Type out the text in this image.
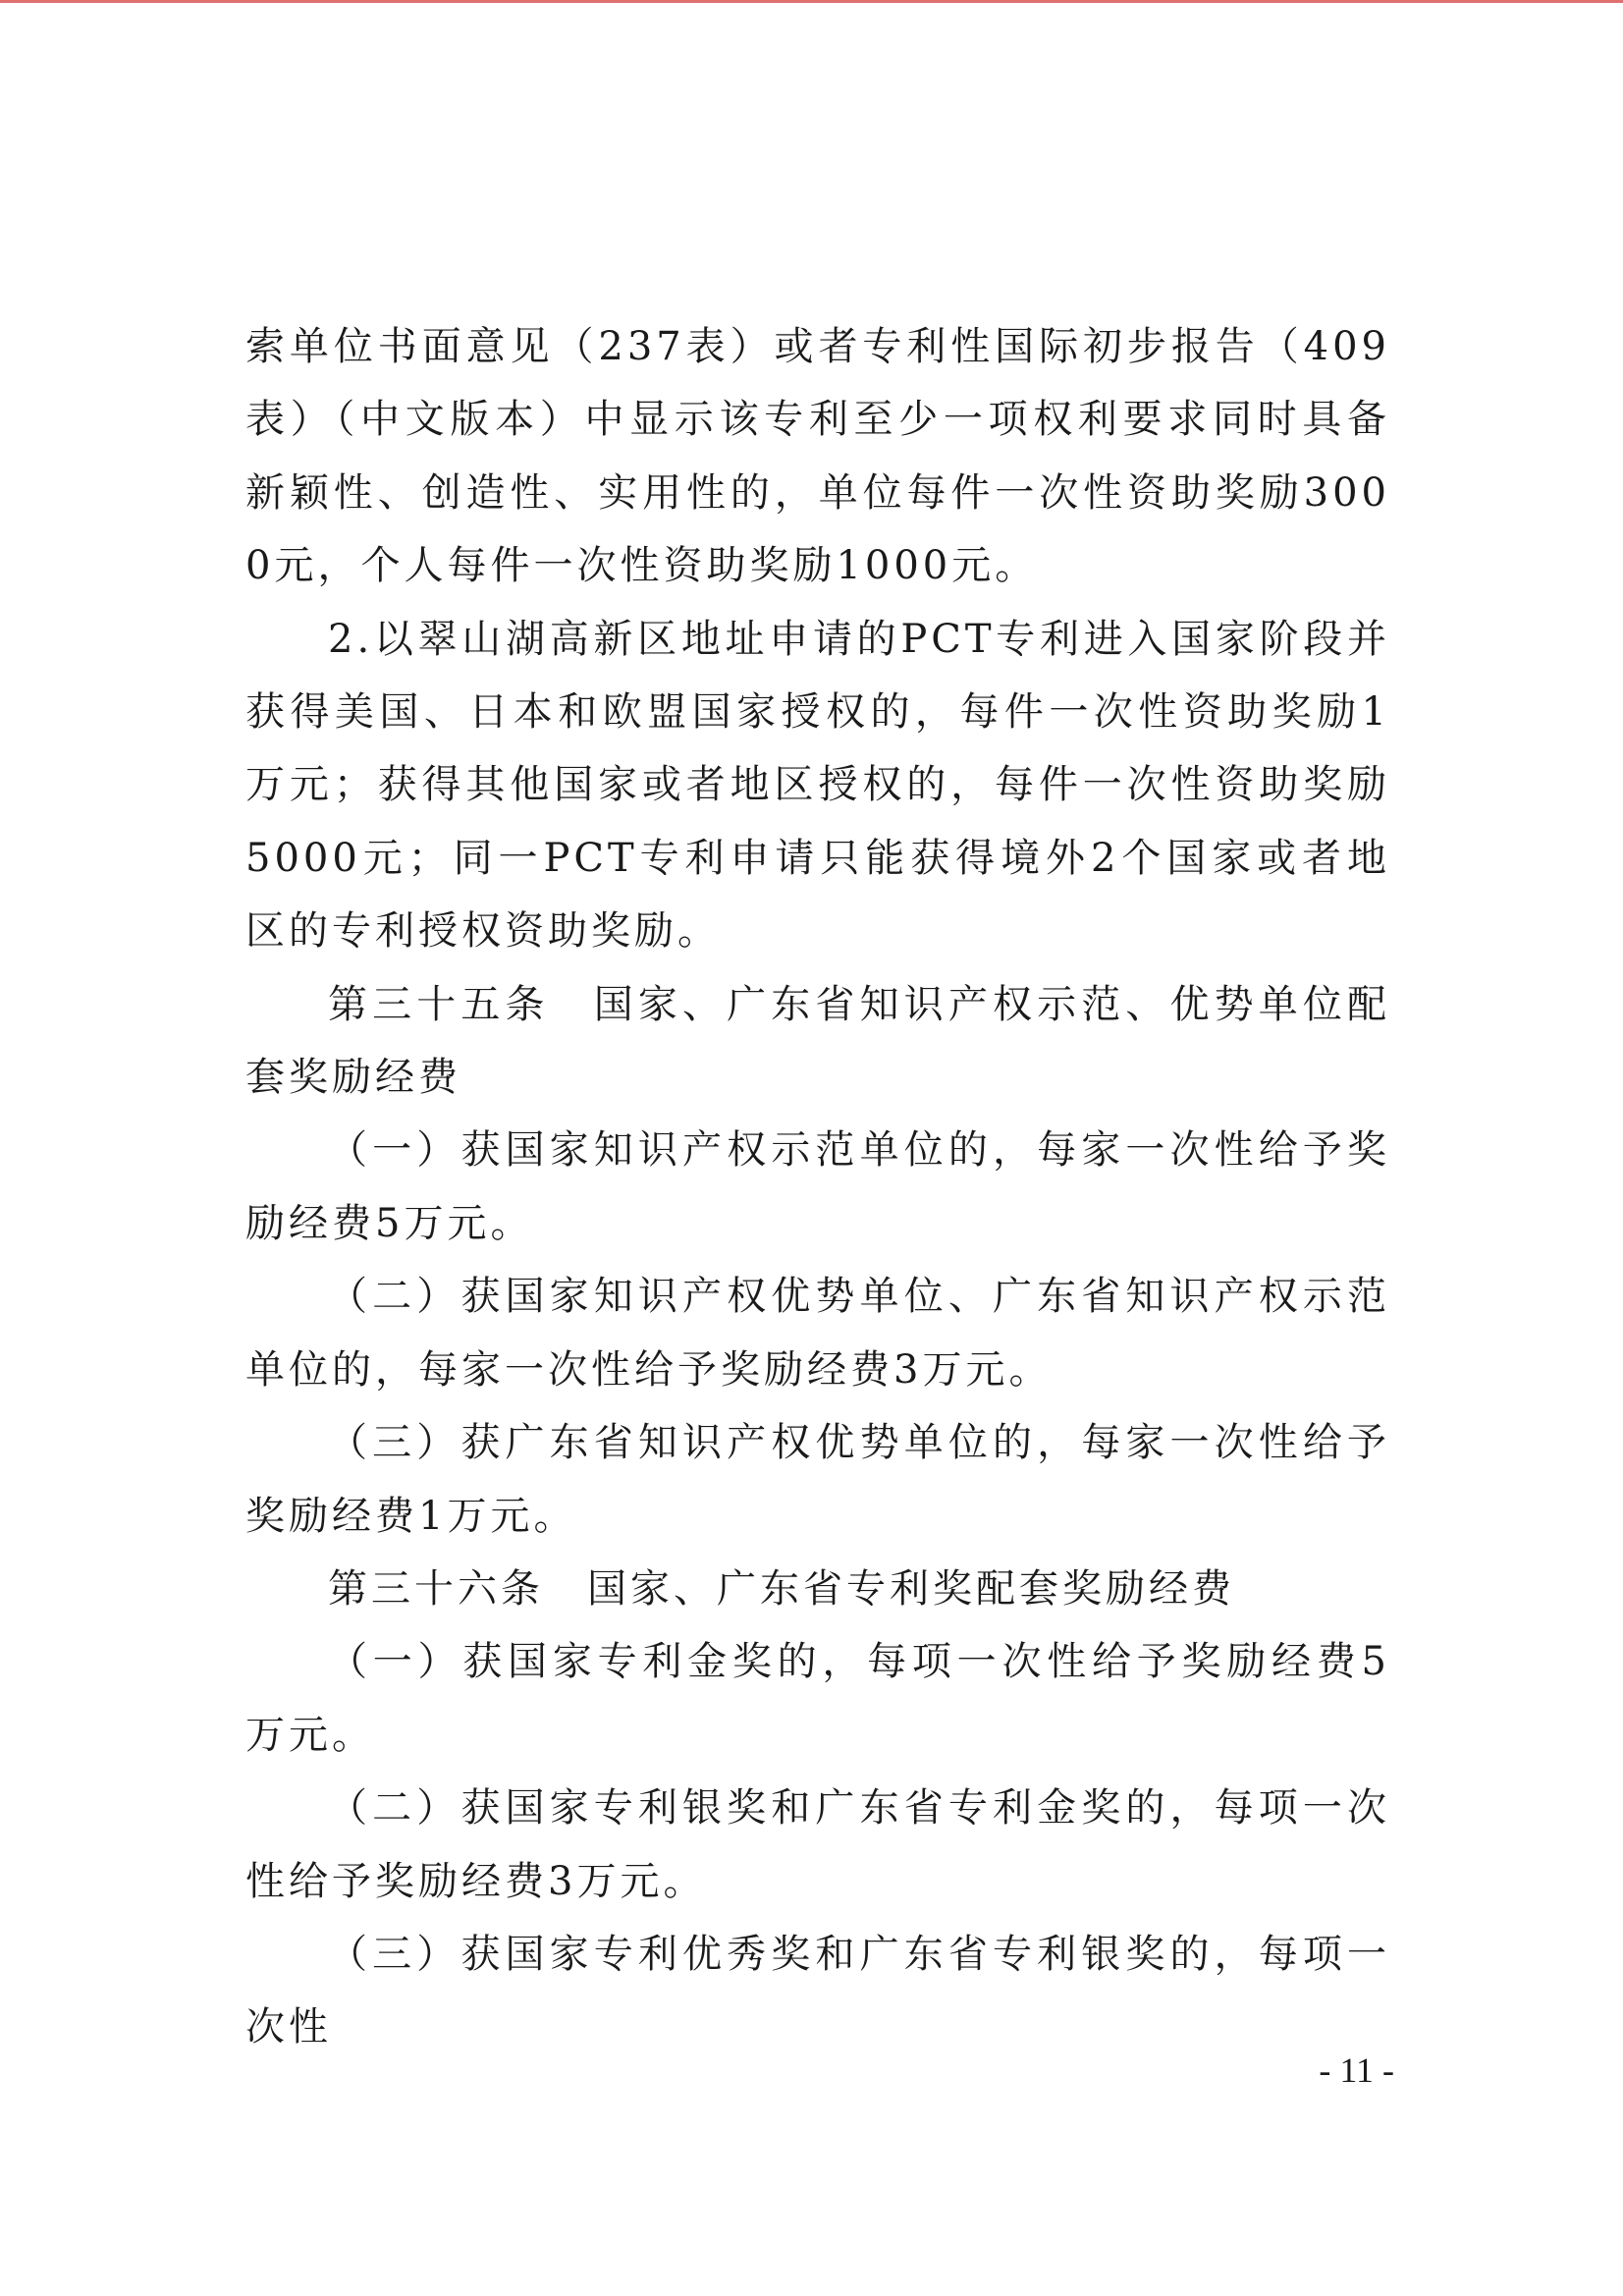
索单位书面意见（237表）或者专利性国际初步报告（409表）（中文版本）中显示该专利至少一项权利要求同时具备新颖性、创造性、实用性的，单位每件一次性资助奖励3000元，个人每件一次性资助奖励1000元。

2.以翠山湖高新区地址申请的PCT专利进入国家阶段并获得美国、日本和欧盟国家授权的，每件一次性资助奖励1万元；获得其他国家或者地区授权的，每件一次性资助奖励5000元；同一PCT专利申请只能获得境外2个国家或者地区的专利授权资助奖励。

第三十五条　国家、广东省知识产权示范、优势单位配套奖励经费

（一）获国家知识产权示范单位的，每家一次性给予奖励经费5万元。

（二）获国家知识产权优势单位、广东省知识产权示范单位的，每家一次性给予奖励经费3万元。

（三）获广东省知识产权优势单位的，每家一次性给予奖励经费1万元。

第三十六条　国家、广东省专利奖配套奖励经费

（一）获国家专利金奖的，每项一次性给予奖励经费5万元。

（二）获国家专利银奖和广东省专利金奖的，每项一次性给予奖励经费3万元。

（三）获国家专利优秀奖和广东省专利银奖的，每项一次性

- 11 -
